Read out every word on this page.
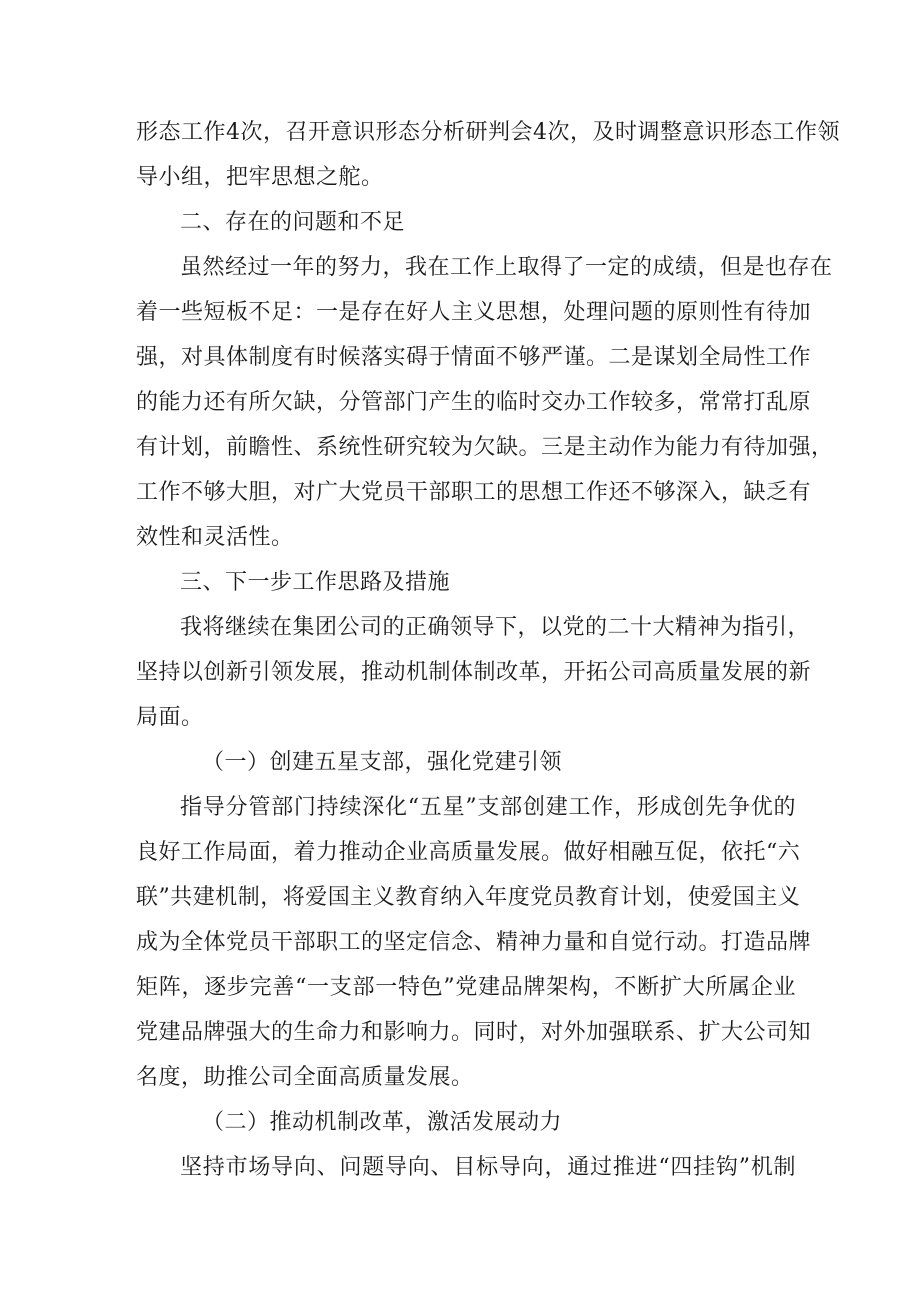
形态工作4次，召开意识形态分析研判会4次，及时调整意识形态工作领
导小组，把牢思想之舵。
二、存在的问题和不足
虽然经过一年的努力，我在工作上取得了一定的成绩，但是也存在
着一些短板不足：一是存在好人主义思想，处理问题的原则性有待加
强，对具体制度有时候落实碍于情面不够严谨。二是谋划全局性工作
的能力还有所欠缺，分管部门产生的临时交办工作较多，常常打乱原
有计划，前瞻性、系统性研究较为欠缺。三是主动作为能力有待加强，
工作不够大胆，对广大党员干部职工的思想工作还不够深入，缺乏有
效性和灵活性。
三、下一步工作思路及措施
我将继续在集团公司的正确领导下，以党的二十大精神为指引，
坚持以创新引领发展，推动机制体制改革，开拓公司高质量发展的新
局面。
（一）创建五星支部，强化党建引领
指导分管部门持续深化“五星”支部创建工作，形成创先争优的
良好工作局面，着力推动企业高质量发展。做好相融互促，依托“六
联”共建机制，将爱国主义教育纳入年度党员教育计划，使爱国主义
成为全体党员干部职工的坚定信念、精神力量和自觉行动。打造品牌
矩阵，逐步完善“一支部一特色”党建品牌架构，不断扩大所属企业
党建品牌强大的生命力和影响力。同时，对外加强联系、扩大公司知
名度，助推公司全面高质量发展。
（二）推动机制改革，激活发展动力
坚持市场导向、问题导向、目标导向，通过推进“四挂钩”机制
